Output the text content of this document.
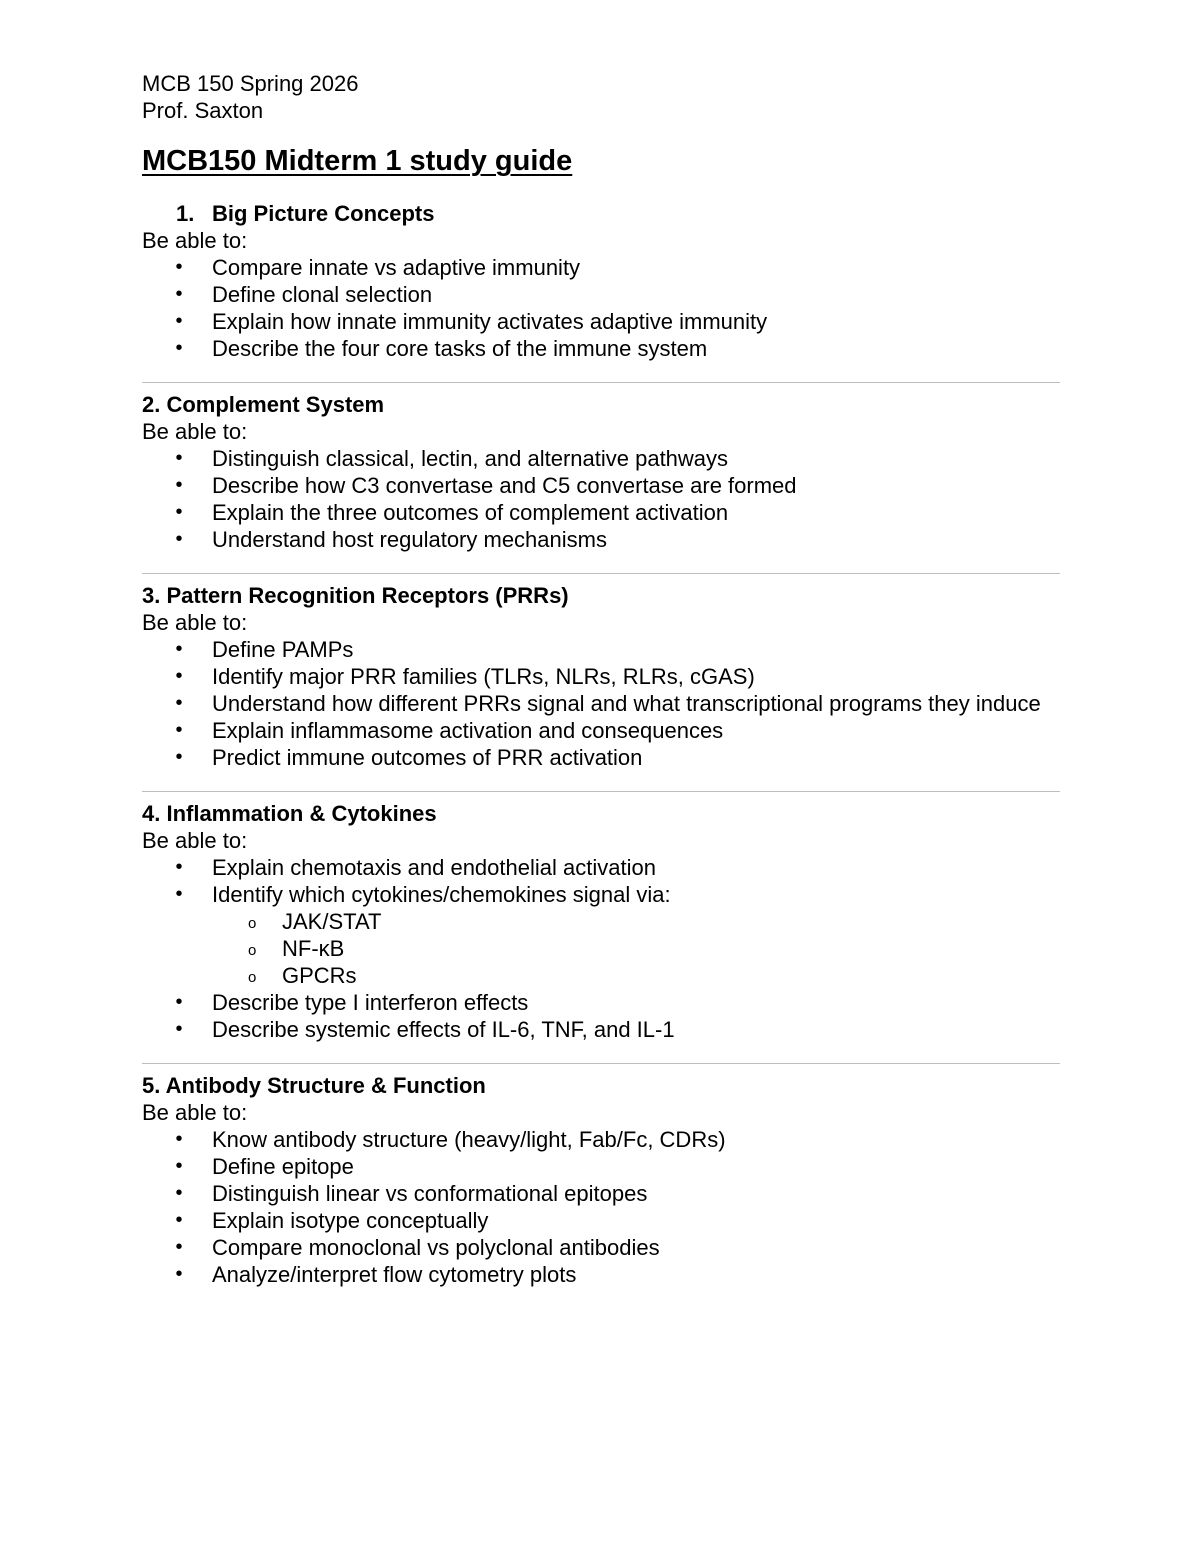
MCB 150 Spring 2026

Prof. Saxton

MCB150 Midterm 1 study guide

1. Big Picture Concepts

Be able to:

• Compare innate vs adaptive immunity
• Define clonal selection
• Explain how innate immunity activates adaptive immunity
• Describe the four core tasks of the immune system

2. Complement System

Be able to:

• Distinguish classical, lectin, and alternative pathways
• Describe how C3 convertase and C5 convertase are formed
• Explain the three outcomes of complement activation
• Understand host regulatory mechanisms

3. Pattern Recognition Receptors (PRRs)

Be able to:

• Define PAMPs
• Identify major PRR families (TLRs, NLRs, RLRs, cGAS)
• Understand how different PRRs signal and what transcriptional programs they induce
• Explain inflammasome activation and consequences
• Predict immune outcomes of PRR activation

4. Inflammation & Cytokines

Be able to:

• Explain chemotaxis and endothelial activation
• Identify which cytokines/chemokines signal via:
o JAK/STAT
o NF-κB
o GPCRs
• Describe type I interferon effects
• Describe systemic effects of IL-6, TNF, and IL-1

5. Antibody Structure & Function

Be able to:

• Know antibody structure (heavy/light, Fab/Fc, CDRs)
• Define epitope
• Distinguish linear vs conformational epitopes
• Explain isotype conceptually
• Compare monoclonal vs polyclonal antibodies
• Analyze/interpret flow cytometry plots
